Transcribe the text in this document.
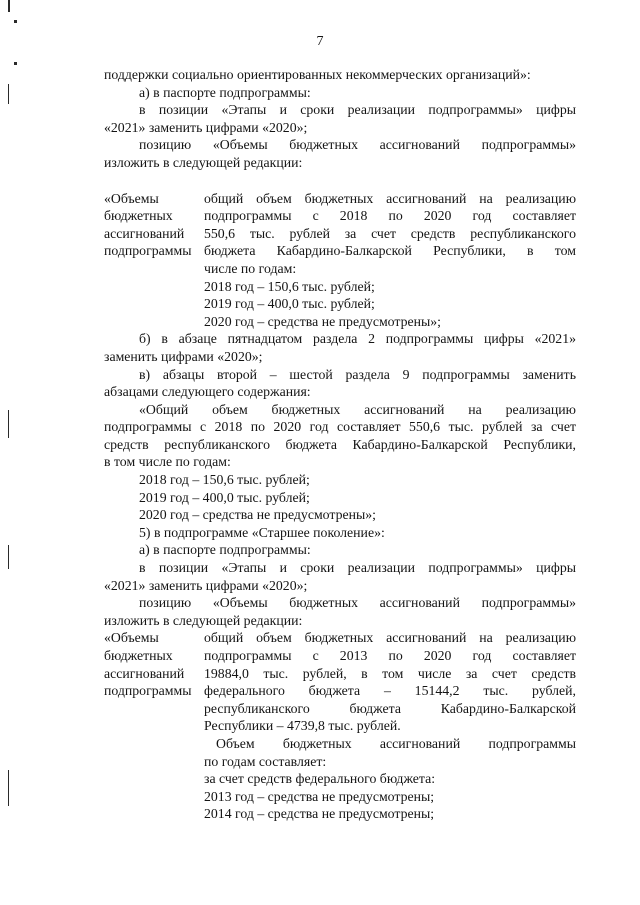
7
поддержки социально ориентированных некоммерческих организаций»:
а) в паспорте подпрограммы:
в позиции «Этапы и сроки реализации подпрограммы» цифры
«2021» заменить цифрами «2020»;
позицию «Объемы бюджетных ассигнований подпрограммы»
изложить в следующей редакции:
«Объемы
бюджетных
ассигнований
подпрограммы
общий объем бюджетных ассигнований на реализацию
подпрограммы с 2018 по 2020 год составляет
550,6 тыс. рублей за счет средств республиканского
бюджета Кабардино-Балкарской Республики, в том
числе по годам:
2018 год – 150,6 тыс. рублей;
2019 год – 400,0 тыс. рублей;
2020 год – средства не предусмотрены»;
б) в абзаце пятнадцатом раздела 2 подпрограммы цифры «2021»
заменить цифрами «2020»;
в) абзацы второй – шестой раздела 9 подпрограммы заменить
абзацами следующего содержания:
«Общий объем бюджетных ассигнований на реализацию
подпрограммы с 2018 по 2020 год составляет 550,6 тыс. рублей за счет
средств республиканского бюджета Кабардино-Балкарской Республики,
в том числе по годам:
2018 год – 150,6 тыс. рублей;
2019 год – 400,0 тыс. рублей;
2020 год – средства не предусмотрены»;
5) в подпрограмме «Старшее поколение»:
а) в паспорте подпрограммы:
в позиции «Этапы и сроки реализации подпрограммы» цифры
«2021» заменить цифрами «2020»;
позицию «Объемы бюджетных ассигнований подпрограммы»
изложить в следующей редакции:
«Объемы
бюджетных
ассигнований
подпрограммы
общий объем бюджетных ассигнований на реализацию
подпрограммы с 2013 по 2020 год составляет
19884,0 тыс. рублей, в том числе за счет средств
федерального бюджета – 15144,2 тыс. рублей,
республиканского бюджета Кабардино-Балкарской
Республики – 4739,8 тыс. рублей.
Объем бюджетных ассигнований подпрограммы
по годам составляет:
за счет средств федерального бюджета:
2013 год – средства не предусмотрены;
2014 год – средства не предусмотрены;
